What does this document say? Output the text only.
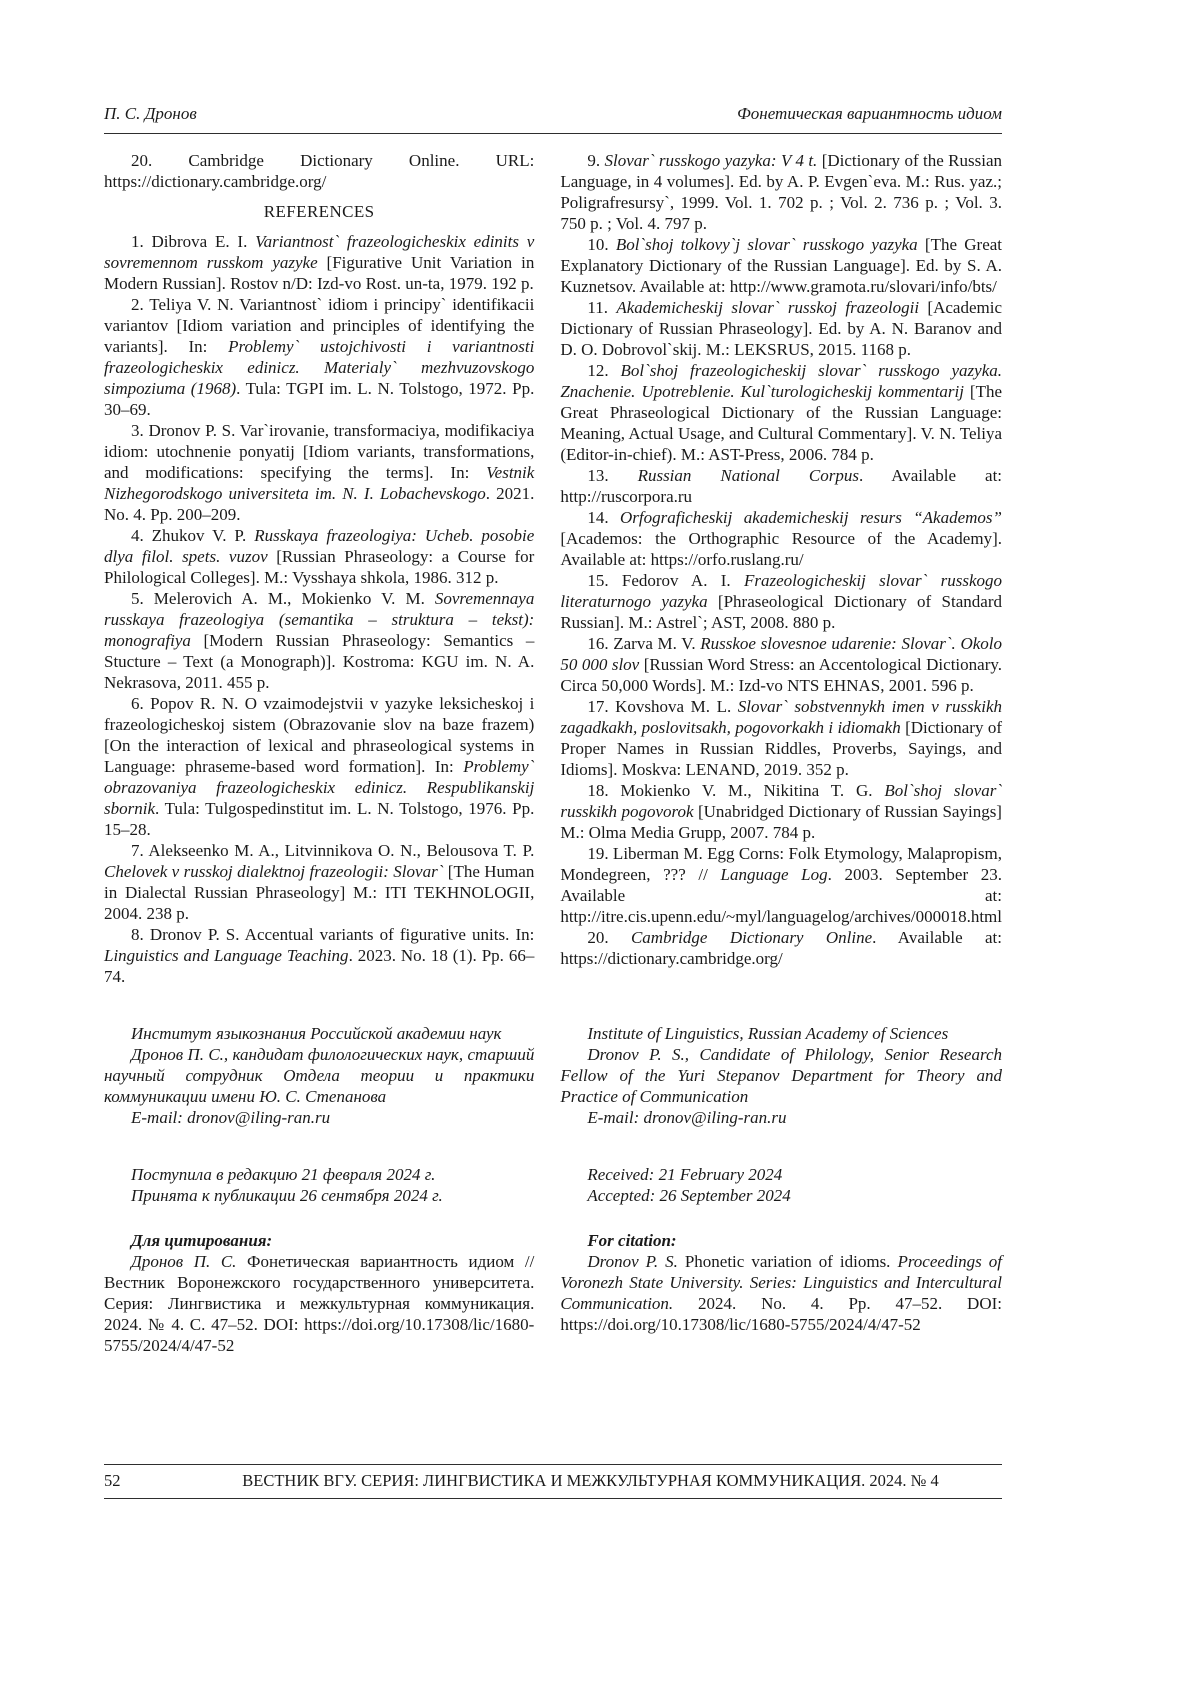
П. С. Дронов	Фонетическая вариантность идиом

20. Cambridge Dictionary Online. URL: https://dictionary.cambridge.org/

REFERENCES

1. Dibrova E. I. Variantnost` frazeologicheskix edinits v sovremennom russkom yazyke [Figurative Unit Variation in Modern Russian]. Rostov n/D: Izd-vo Rost. un-ta, 1979. 192 p.

2. Teliya V. N. Variantnost` idiom i principy` identifikacii variantov [Idiom variation and principles of identifying the variants]. In: Problemy` ustojchivosti i variantnosti frazeologicheskix edinicz. Materialy` mezhvuzovskogo simpoziuma (1968). Tula: TGPI im. L. N. Tolstogo, 1972. Pp. 30–69.

3. Dronov P. S. Var`irovanie, transformaciya, modifikaciya idiom: utochnenie ponyatij [Idiom variants, transformations, and modifications: specifying the terms]. In: Vestnik Nizhegorodskogo universiteta im. N. I. Lobachevskogo. 2021. No. 4. Pp. 200–209.

4. Zhukov V. P. Russkaya frazeologiya: Ucheb. posobie dlya filol. spets. vuzov [Russian Phraseology: a Course for Philological Colleges]. M.: Vysshaya shkola, 1986. 312 p.

5. Melerovich A. M., Mokienko V. M. Sovremennaya russkaya frazeologiya (semantika – struktura – tekst): monografiya [Modern Russian Phraseology: Semantics – Stucture – Text (a Monograph)]. Kostroma: KGU im. N. A. Nekrasova, 2011. 455 p.

6. Popov R. N. O vzaimodejstvii v yazyke leksicheskoj i frazeologicheskoj sistem (Obrazovanie slov na baze frazem) [On the interaction of lexical and phraseological systems in Language: phraseme-based word formation]. In: Problemy` obrazovaniya frazeologicheskix edinicz. Respublikanskij sbornik. Tula: Tulgospedinstitut im. L. N. Tolstogo, 1976. Pp. 15–28.

7. Alekseenko M. A., Litvinnikova O. N., Belousova T. P. Chelovek v russkoj dialektnoj frazeologii: Slovar` [The Human in Dialectal Russian Phraseology] M.: ITI TEKHNOLOGII, 2004. 238 p.

8. Dronov P. S. Accentual variants of figurative units. In: Linguistics and Language Teaching. 2023. No. 18 (1). Pp. 66–74.

9. Slovar` russkogo yazyka: V 4 t. [Dictionary of the Russian Language, in 4 volumes]. Ed. by A. P. Evgen`eva. M.: Rus. yaz.; Poligrafresursy`, 1999. Vol. 1. 702 p. ; Vol. 2. 736 p. ; Vol. 3. 750 p. ; Vol. 4. 797 p.

10. Bol`shoj tolkovy`j slovar` russkogo yazyka [The Great Explanatory Dictionary of the Russian Language]. Ed. by S. A. Kuznetsov. Available at: http://www.gramota.ru/slovari/info/bts/

11. Akademicheskij slovar` russkoj frazeologii [Academic Dictionary of Russian Phraseology]. Ed. by A. N. Baranov and D. O. Dobrovol`skij. M.: LEKSRUS, 2015. 1168 p.

12. Bol`shoj frazeologicheskij slovar` russkogo yazyka. Znachenie. Upotreblenie. Kul`turologicheskij kommentarij [The Great Phraseological Dictionary of the Russian Language: Meaning, Actual Usage, and Cultural Commentary]. V. N. Teliya (Editor-in-chief). M.: AST-Press, 2006. 784 p.

13. Russian National Corpus. Available at: http://ruscorpora.ru

14. Orfograficheskij akademicheskij resurs “Akademos” [Academos: the Orthographic Resource of the Academy]. Available at: https://orfo.ruslang.ru/

15. Fedorov A. I. Frazeologicheskij slovar` russkogo literaturnogo yazyka [Phraseological Dictionary of Standard Russian]. M.: Astrel`; AST, 2008. 880 p.

16. Zarva M. V. Russkoe slovesnoe udarenie: Slovar`. Okolo 50 000 slov [Russian Word Stress: an Accentological Dictionary. Circa 50,000 Words]. M.: Izd-vo NTS EHNAS, 2001. 596 p.

17. Kovshova M. L. Slovar` sobstvennykh imen v russkikh zagadkakh, poslovitsakh, pogovorkakh i idiomakh [Dictionary of Proper Names in Russian Riddles, Proverbs, Sayings, and Idioms]. Moskva: LENAND, 2019. 352 p.

18. Mokienko V. M., Nikitina T. G. Bol`shoj slovar` russkikh pogovorok [Unabridged Dictionary of Russian Sayings] M.: Olma Media Grupp, 2007. 784 p.

19. Liberman M. Egg Corns: Folk Etymology, Malapropism, Mondegreen, ??? // Language Log. 2003. September 23. Available at: http://itre.cis.upenn.edu/~myl/languagelog/archives/000018.html

20. Cambridge Dictionary Online. Available at: https://dictionary.cambridge.org/

Институт языкознания Российской академии наук

Дронов П. С., кандидат филологических наук, старший научный сотрудник Отдела теории и практики коммуникации имени Ю. С. Степанова

E-mail: dronov@iling-ran.ru

Institute of Linguistics, Russian Academy of Sciences

Dronov P. S., Candidate of Philology, Senior Research Fellow of the Yuri Stepanov Department for Theory and Practice of Communication

E-mail: dronov@iling-ran.ru

Поступила в редакцию 21 февраля 2024 г.

Принята к публикации 26 сентября 2024 г.

Received: 21 February 2024

Accepted: 26 September 2024

Для цитирования:

Дронов П. С. Фонетическая вариантность идиом // Вестник Воронежского государственного университета. Серия: Лингвистика и межкультурная коммуникация. 2024. № 4. С. 47–52. DOI: https://doi.org/10.17308/lic/1680-5755/2024/4/47-52

For citation:

Dronov P. S. Phonetic variation of idioms. Proceedings of Voronezh State University. Series: Linguistics and Intercultural Communication. 2024. No. 4. Pp. 47–52. DOI: https://doi.org/10.17308/lic/1680-5755/2024/4/47-52

52	ВЕСТНИК ВГУ. СЕРИЯ: ЛИНГВИСТИКА И МЕЖКУЛЬТУРНАЯ КОММУНИКАЦИЯ. 2024. № 4
